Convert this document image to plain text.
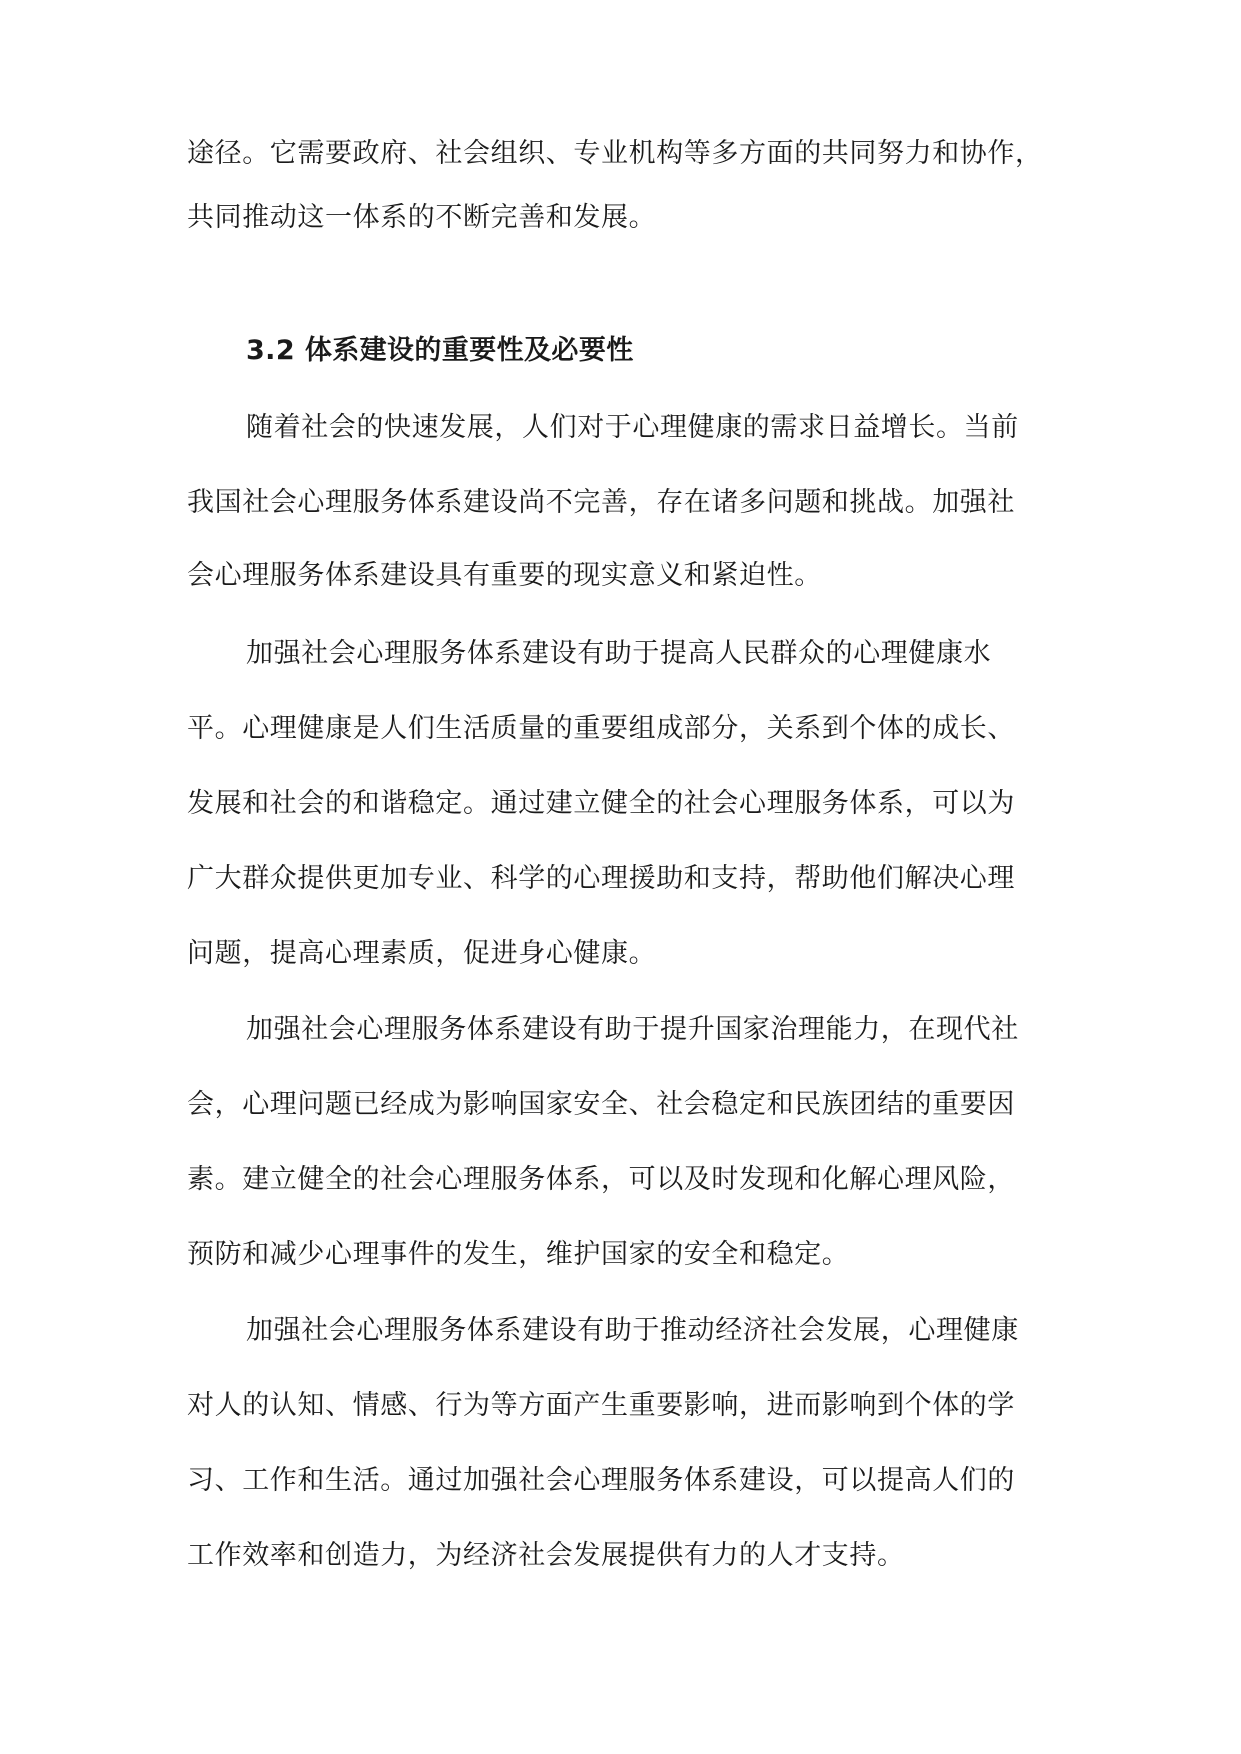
途径。它需要政府、社会组织、专业机构等多方面的共同努力和协作，
共同推动这一体系的不断完善和发展。
3.2 体系建设的重要性及必要性
随着社会的快速发展，人们对于心理健康的需求日益增长。当前
我国社会心理服务体系建设尚不完善，存在诸多问题和挑战。加强社
会心理服务体系建设具有重要的现实意义和紧迫性。
加强社会心理服务体系建设有助于提高人民群众的心理健康水
平。心理健康是人们生活质量的重要组成部分，关系到个体的成长、
发展和社会的和谐稳定。通过建立健全的社会心理服务体系，可以为
广大群众提供更加专业、科学的心理援助和支持，帮助他们解决心理
问题，提高心理素质，促进身心健康。
加强社会心理服务体系建设有助于提升国家治理能力，在现代社
会，心理问题已经成为影响国家安全、社会稳定和民族团结的重要因
素。建立健全的社会心理服务体系，可以及时发现和化解心理风险，
预防和减少心理事件的发生，维护国家的安全和稳定。
加强社会心理服务体系建设有助于推动经济社会发展，心理健康
对人的认知、情感、行为等方面产生重要影响，进而影响到个体的学
习、工作和生活。通过加强社会心理服务体系建设，可以提高人们的
工作效率和创造力，为经济社会发展提供有力的人才支持。
